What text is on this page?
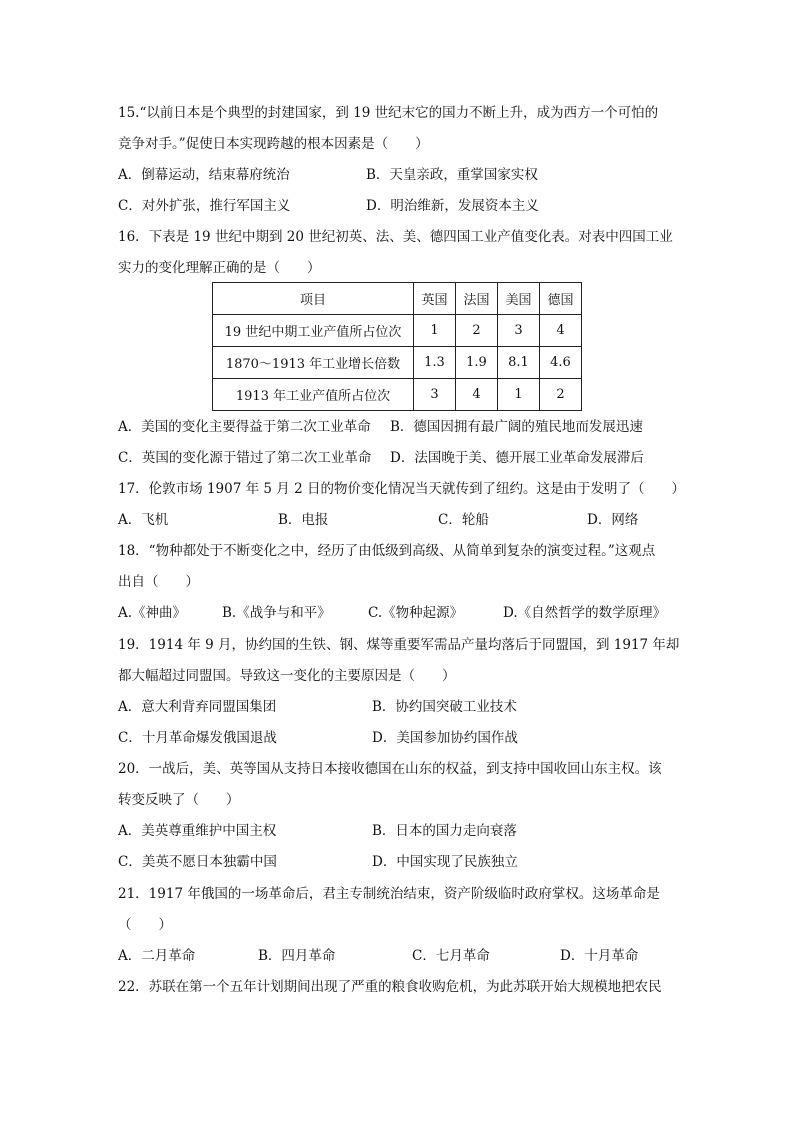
15.“以前日本是个典型的封建国家，到 19 世纪末它的国力不断上升，成为西方一个可怕的
竞争对手。”促使日本实现跨越的根本因素是（　　）
A．倒幕运动，结束幕府统治	B．天皇亲政，重掌国家实权
C．对外扩张，推行军国主义	D．明治维新，发展资本主义
16．下表是 19 世纪中期到 20 世纪初英、法、美、德四国工业产值变化表。对表中四国工业
实力的变化理解正确的是（　　）
项目	英国	法国	美国	德国
19 世纪中期工业产值所占位次	1	2	3	4
1870～1913 年工业增长倍数	1.3	1.9	8.1	4.6
1913 年工业产值所占位次	3	4	1	2
A．美国的变化主要得益于第二次工业革命 B．德国因拥有最广阔的殖民地而发展迅速
C．英国的变化源于错过了第二次工业革命 D．法国晚于美、德开展工业革命发展滞后
17．伦敦市场 1907 年 5 月 2 日的物价变化情况当天就传到了纽约。这是由于发明了（　　）
A．飞机	B．电报	C．轮船	D．网络
18．“物种都处于不断变化之中，经历了由低级到高级、从简单到复杂的演变过程。”这观点
出自（　　）
A.《神曲》	B.《战争与和平》	C.《物种起源》	D.《自然哲学的数学原理》
19．1914 年 9 月，协约国的生铁、钢、煤等重要军需品产量均落后于同盟国，到 1917 年却
都大幅超过同盟国。导致这一变化的主要原因是（　　）
A．意大利背弃同盟国集团	B．协约国突破工业技术
C．十月革命爆发俄国退战	D．美国参加协约国作战
20．一战后，美、英等国从支持日本接收德国在山东的权益，到支持中国收回山东主权。该
转变反映了（　　）
A．美英尊重维护中国主权	B．日本的国力走向衰落
C．美英不愿日本独霸中国	D．中国实现了民族独立
21．1917 年俄国的一场革命后，君主专制统治结束，资产阶级临时政府掌权。这场革命是
（　　）
A．二月革命	B．四月革命	C．七月革命	D．十月革命
22．苏联在第一个五年计划期间出现了严重的粮食收购危机，为此苏联开始大规模地把农民
